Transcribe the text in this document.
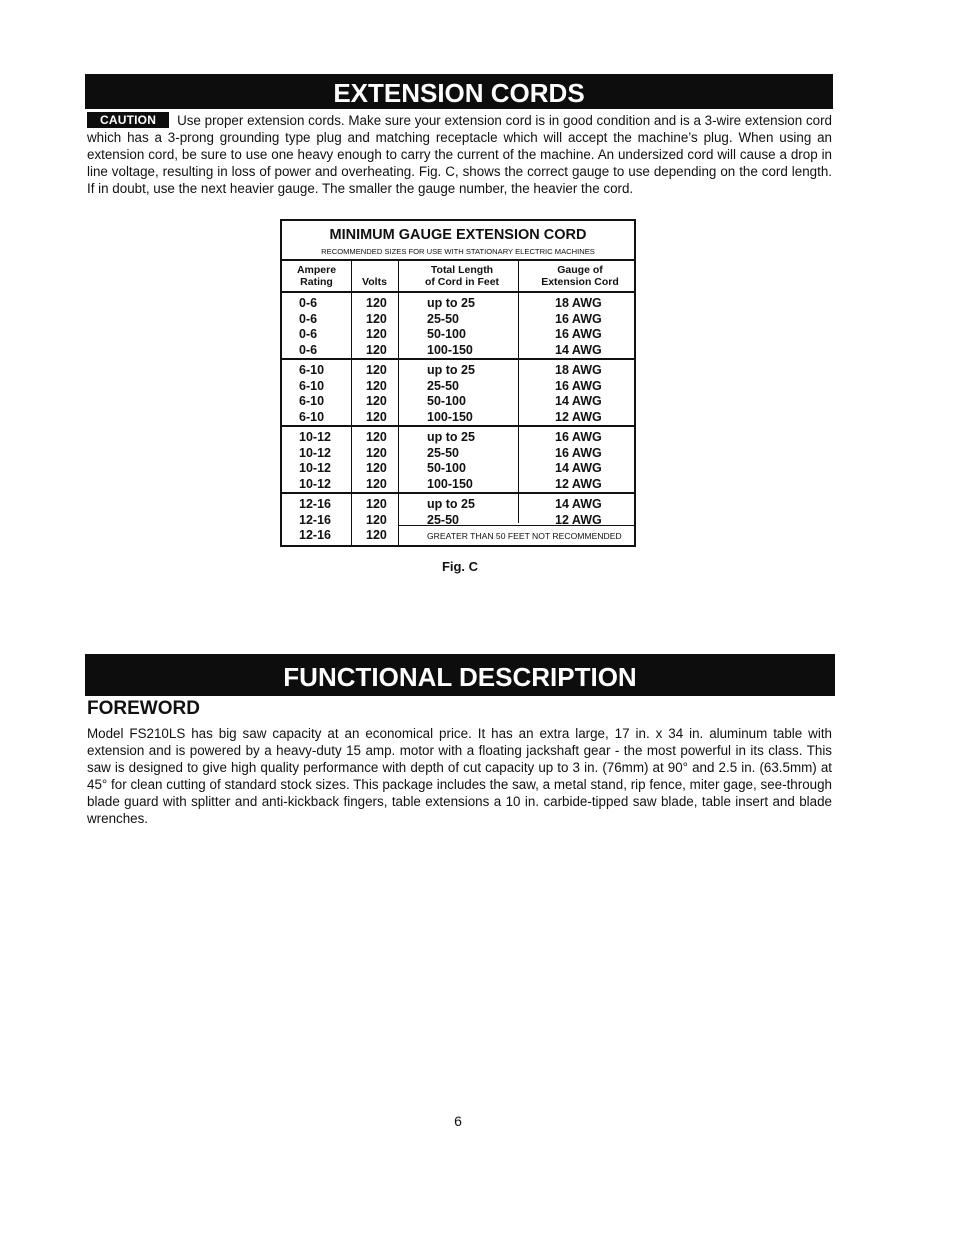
EXTENSION CORDS

CAUTION Use proper extension cords. Make sure your extension cord is in good condition and is a 3-wire extension cord which has a 3-prong grounding type plug and matching receptacle which will accept the machine’s plug. When using an extension cord, be sure to use one heavy enough to carry the current of the machine. An undersized cord will cause a drop in line voltage, resulting in loss of power and overheating. Fig. C, shows the correct gauge to use depending on the cord length. If in doubt, use the next heavier gauge. The smaller the gauge number, the heavier the cord.

MINIMUM GAUGE EXTENSION CORD
RECOMMENDED SIZES FOR USE WITH STATIONARY ELECTRIC MACHINES
Ampere
Rating	Volts
Total Length
of Cord in Feet
Gauge of
Extension Cord
0-6
0-6
0-6
0-6
120
120
120
120
up to 25
25-50
50-100
100-150
18 AWG
16 AWG
16 AWG
14 AWG
6-10
6-10
6-10
6-10
120
120
120
120
up to 25
25-50
50-100
100-150
18 AWG
16 AWG
14 AWG
12 AWG
10-12
10-12
10-12
10-12
120
120
120
120
up to 25
25-50
50-100
100-150
16 AWG
16 AWG
14 AWG
12 AWG
12-16
12-16
12-16
120
120
120
up to 25
25-50
14 AWG
12 AWG
GREATER THAN 50 FEET NOT RECOMMENDED
Fig. C
FUNCTIONAL DESCRIPTION
FOREWORD

Model FS210LS has big saw capacity at an economical price. It has an extra large, 17 in. x 34 in. aluminum table with extension and is powered by a heavy-duty 15 amp. motor with a floating jackshaft gear - the most powerful in its class. This saw is designed to give high quality performance with depth of cut capacity up to 3 in. (76mm) at 90° and 2.5 in. (63.5mm) at 45° for clean cutting of standard stock sizes. This package includes the saw, a metal stand, rip fence, miter gage, see-through blade guard with splitter and anti-kickback fingers, table extensions a 10 in. carbide-tipped saw blade, table insert and blade wrenches.

6
